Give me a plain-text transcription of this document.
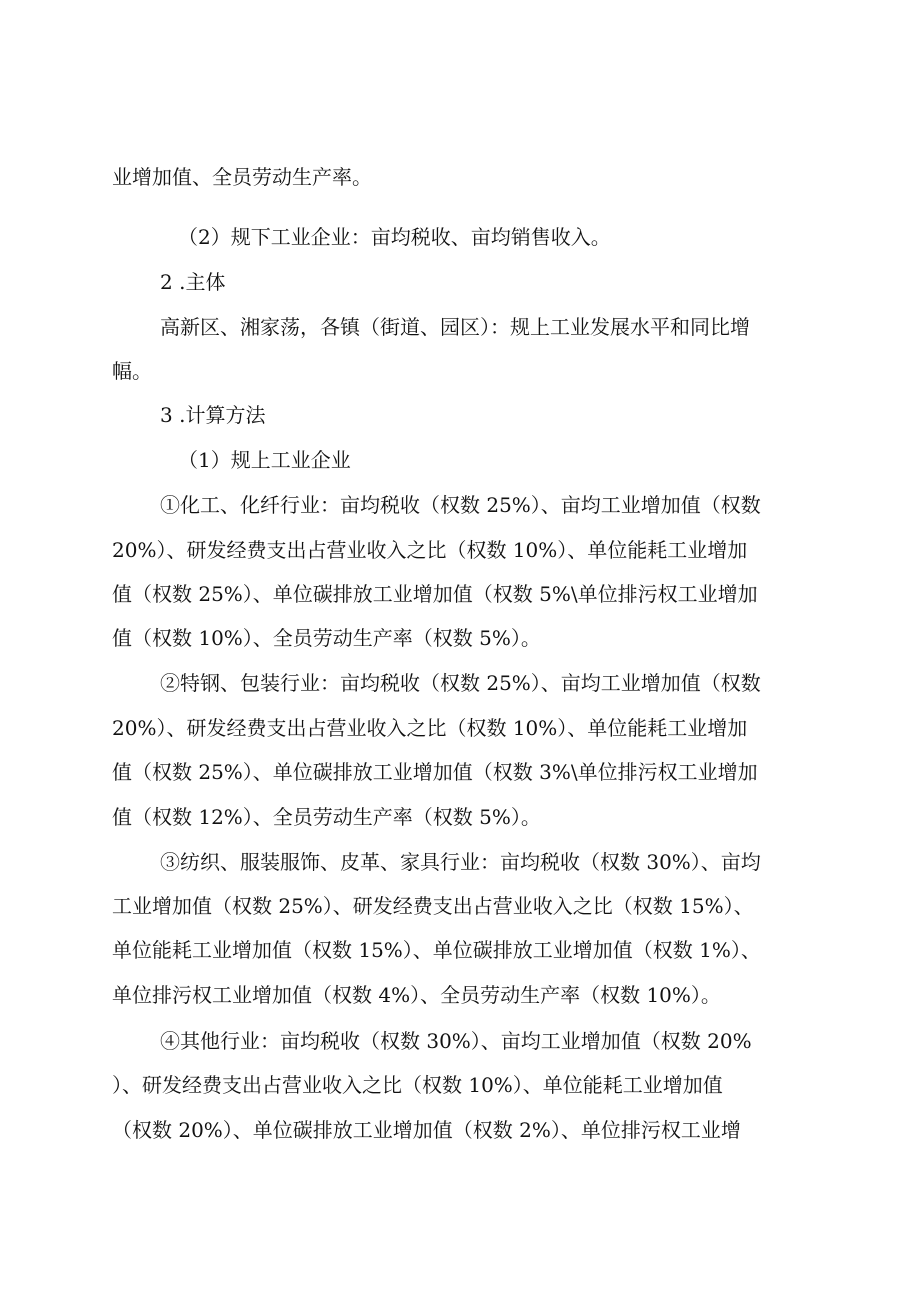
业增加值、全员劳动生产率。
（2）规下工业企业：亩均税收、亩均销售收入。
2 .主体
高新区、湘家荡，各镇（街道、园区）：规上工业发展水平和同比增
幅。
3 .计算方法
（1）规上工业企业
①化工、化纤行业：亩均税收（权数 25%）、亩均工业增加值（权数
20%）、研发经费支出占营业收入之比（权数 10%）、单位能耗工业增加
值（权数 25%）、单位碳排放工业增加值（权数 5%\单位排污权工业增加
值（权数 10%）、全员劳动生产率（权数 5%）。
②特钢、包装行业：亩均税收（权数 25%）、亩均工业增加值（权数
20%）、研发经费支出占营业收入之比（权数 10%）、单位能耗工业增加
值（权数 25%）、单位碳排放工业增加值（权数 3%\单位排污权工业增加
值（权数 12%）、全员劳动生产率（权数 5%）。
③纺织、服装服饰、皮革、家具行业：亩均税收（权数 30%）、亩均
工业增加值（权数 25%）、研发经费支出占营业收入之比（权数 15%）、
单位能耗工业增加值（权数 15%）、单位碳排放工业增加值（权数 1%）、
单位排污权工业增加值（权数 4%）、全员劳动生产率（权数 10%）。
④其他行业：亩均税收（权数 30%）、亩均工业增加值（权数 20%
）、研发经费支出占营业收入之比（权数 10%）、单位能耗工业增加值
（权数 20%）、单位碳排放工业增加值（权数 2%）、单位排污权工业增
